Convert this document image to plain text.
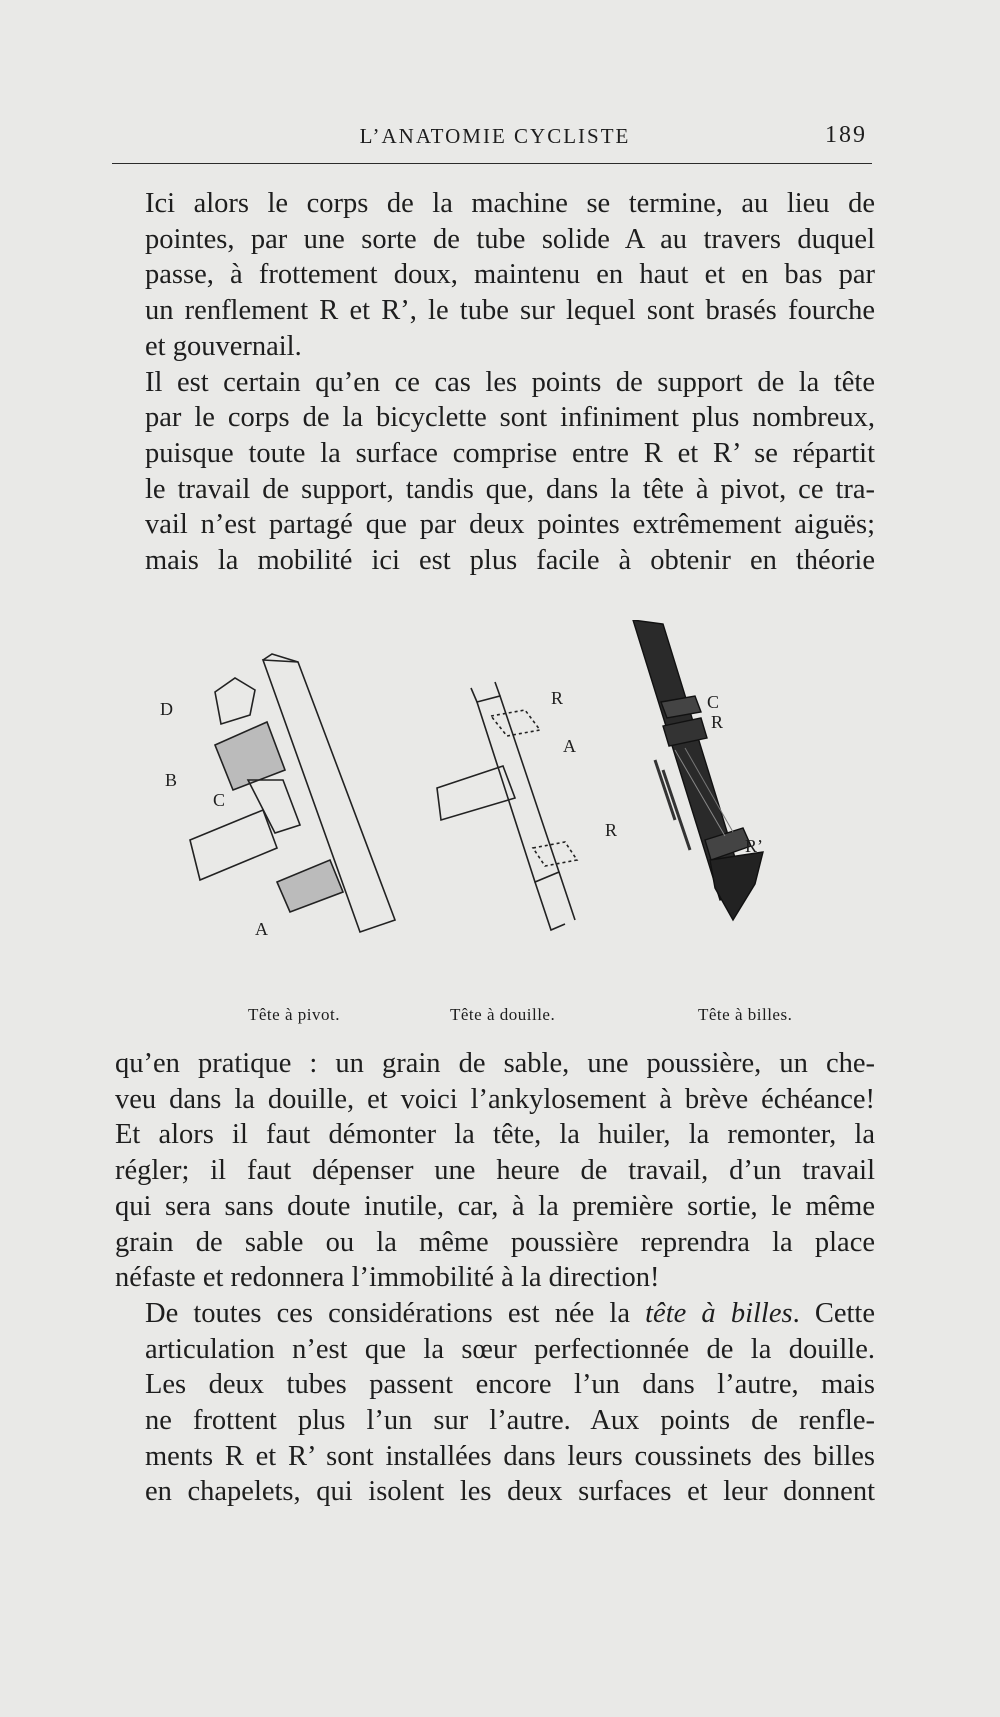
L’ANATOMIE CYCLISTE	189

Ici alors le corps de la machine se termine, au lieu de
pointes, par une sorte de tube solide A au travers duquel
passe, à frottement doux, maintenu en haut et en bas par
un renflement R et R’, le tube sur lequel sont brasés fourche
et gouvernail.

Il est certain qu’en ce cas les points de support de la tête
par le corps de la bicyclette sont infiniment plus nombreux,
puisque toute la surface comprise entre R et R’ se répartit
le travail de support, tandis que, dans la tête à pivot, ce tra-
vail n’est partagé que par deux pointes extrêmement aiguës;
mais la mobilité ici est plus facile à obtenir en théorie

D
B
C
A
R
A
R
C
R
R’
Tête à pivot.	Tête à douille.	Tête à billes.

qu’en pratique : un grain de sable, une poussière, un che-
veu dans la douille, et voici l’ankylosement à brève échéance!
Et alors il faut démonter la tête, la huiler, la remonter, la
régler; il faut dépenser une heure de travail, d’un travail
qui sera sans doute inutile, car, à la première sortie, le même
grain de sable ou la même poussière reprendra la place
néfaste et redonnera l’immobilité à la direction!

De toutes ces considérations est née la tête à billes. Cette
articulation n’est que la sœur perfectionnée de la douille.
Les deux tubes passent encore l’un dans l’autre, mais
ne frottent plus l’un sur l’autre. Aux points de renfle-
ments R et R’ sont installées dans leurs coussinets des billes
en chapelets, qui isolent les deux surfaces et leur donnent
